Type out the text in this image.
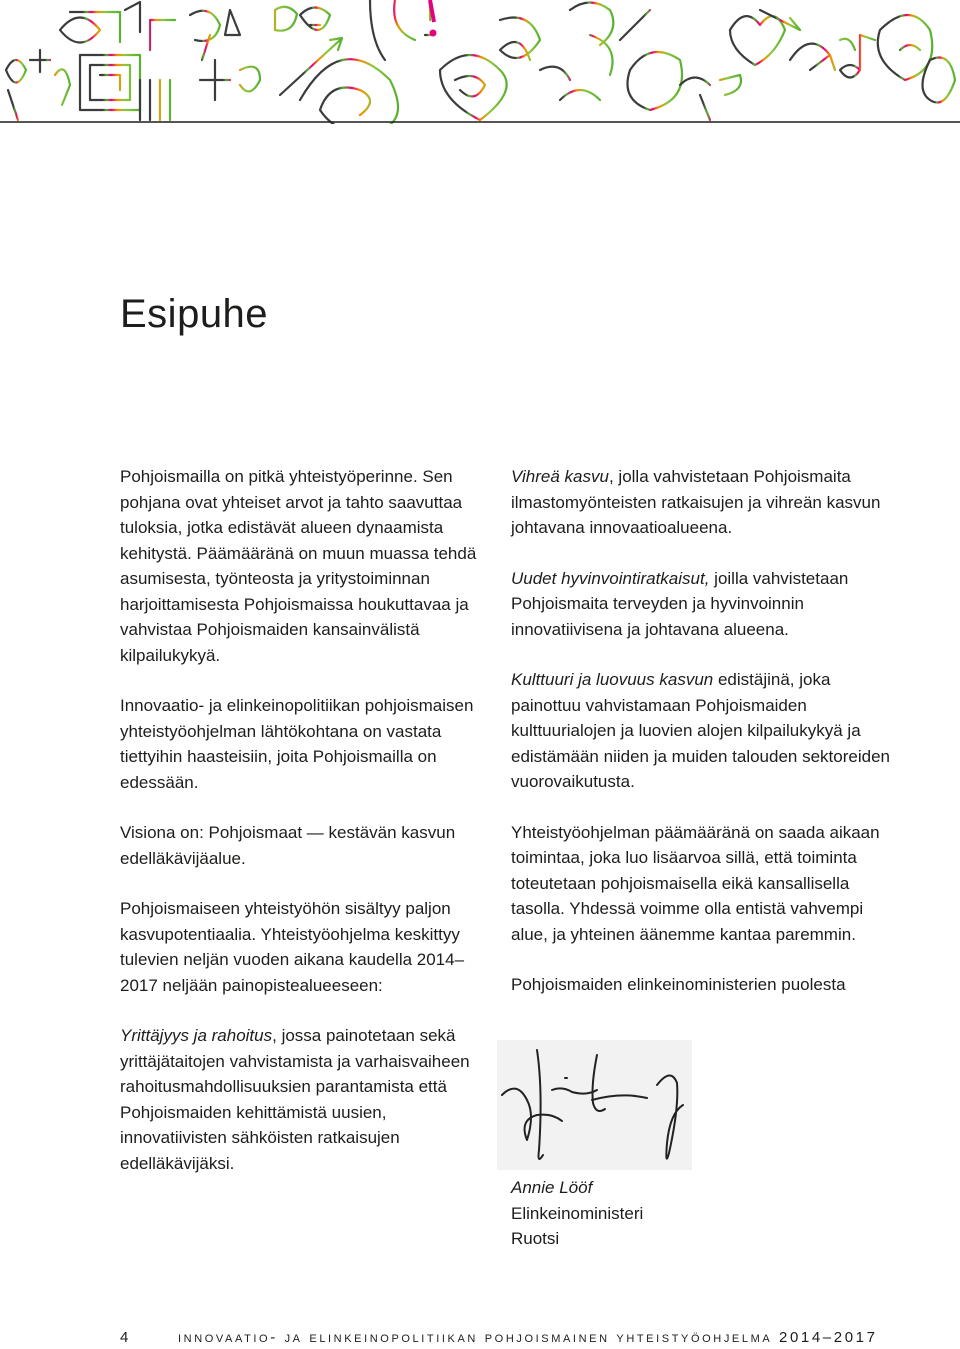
Esipuhe

Pohjoismailla on pitkä yhteistyöperinne. Sen pohjana ovat yhteiset arvot ja tahto saavuttaa tuloksia, jotka edistävät alueen dynaamista kehitystä. Päämääränä on muun muassa tehdä asumisesta, työnteosta ja yritystoiminnan harjoittamisesta Pohjoismaissa houkuttavaa ja vahvistaa Pohjoismaiden kansainvälistä kilpailukykyä.

Innovaatio- ja elinkeinopolitiikan pohjoismaisen yhteistyöohjelman lähtökohtana on vastata tiettyihin haasteisiin, joita Pohjoismailla on edessään.

Visiona on: Pohjoismaat — kestävän kasvun edelläkävijäalue.

Pohjoismaiseen yhteistyöhön sisältyy paljon kasvupotentiaalia. Yhteistyöohjelma keskittyy tulevien neljän vuoden aikana kaudella 2014–2017 neljään painopistealueeseen:

Yrittäjyys ja rahoitus, jossa painotetaan sekä yrittäjätaitojen vahvistamista ja varhaisvaiheen rahoitusmahdollisuuksien parantamista että Pohjoismaiden kehittämistä uusien, innovatiivisten sähköisten ratkaisujen edelläkävijäksi.

Vihreä kasvu, jolla vahvistetaan Pohjoismaita ilmastomyönteisten ratkaisujen ja vihreän kasvun johtavana innovaatioalueena.

Uudet hyvinvointiratkaisut, joilla vahvistetaan Pohjoismaita terveyden ja hyvinvoinnin innovatiivisena ja johtavana alueena.

Kulttuuri ja luovuus kasvun edistäjinä, joka painottuu vahvistamaan Pohjoismaiden kulttuurialojen ja luovien alojen kilpailukykyä ja edistämään niiden ja muiden talouden sektoreiden vuorovaikutusta.

Yhteistyöohjelman päämääränä on saada aikaan toimintaa, joka luo lisäarvoa sillä, että toiminta toteutetaan pohjoismaisella eikä kansallisella tasolla. Yhdessä voimme olla entistä vahvempi alue, ja yhteinen äänemme kantaa paremmin.

Pohjoismaiden elinkeinoministerien puolesta

Annie Lööf
Elinkeinoministeri
Ruotsi
4	innovaatio- ja elinkeinopolitiikan pohjoismainen yhteistyöohjelma 2014–2017
